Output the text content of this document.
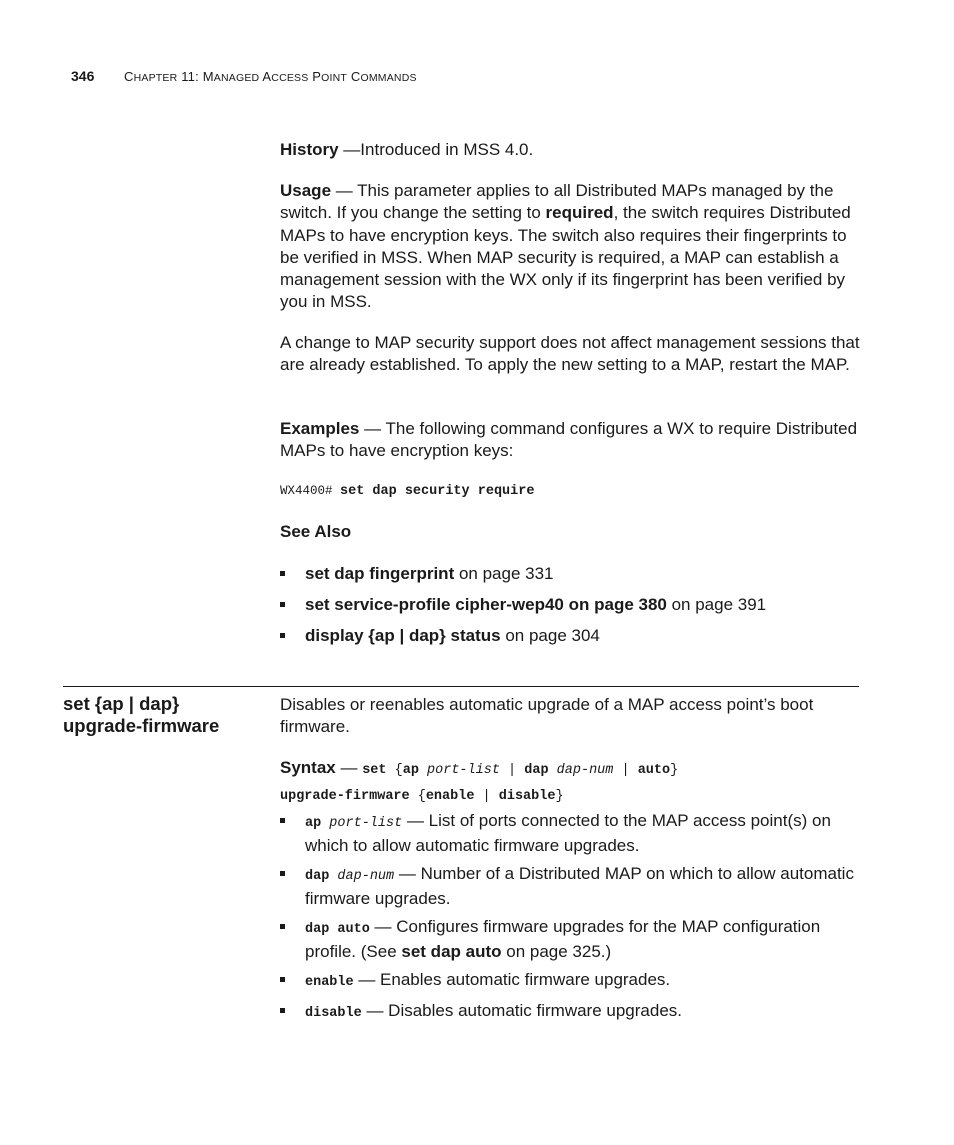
346 CHAPTER 11: MANAGED ACCESS POINT COMMANDS
History —Introduced in MSS 4.0.
Usage — This parameter applies to all Distributed MAPs managed by the switch. If you change the setting to required, the switch requires Distributed MAPs to have encryption keys. The switch also requires their fingerprints to be verified in MSS. When MAP security is required, a MAP can establish a management session with the WX only if its fingerprint has been verified by you in MSS.
A change to MAP security support does not affect management sessions that are already established. To apply the new setting to a MAP, restart the MAP.
Examples — The following command configures a WX to require Distributed MAPs to have encryption keys:
WX4400# set dap security require
See Also
set dap fingerprint on page 331
set service-profile cipher-wep40 on page 380 on page 391
display {ap | dap} status on page 304
set {ap | dap}
upgrade-firmware
Disables or reenables automatic upgrade of a MAP access point’s boot firmware.
Syntax — set {ap port-list | dap dap-num | auto}
upgrade-firmware {enable | disable}
ap port-list — List of ports connected to the MAP access point(s) on which to allow automatic firmware upgrades.
dap dap-num — Number of a Distributed MAP on which to allow automatic firmware upgrades.
dap auto — Configures firmware upgrades for the MAP configuration profile. (See set dap auto on page 325.)
enable — Enables automatic firmware upgrades.
disable — Disables automatic firmware upgrades.
